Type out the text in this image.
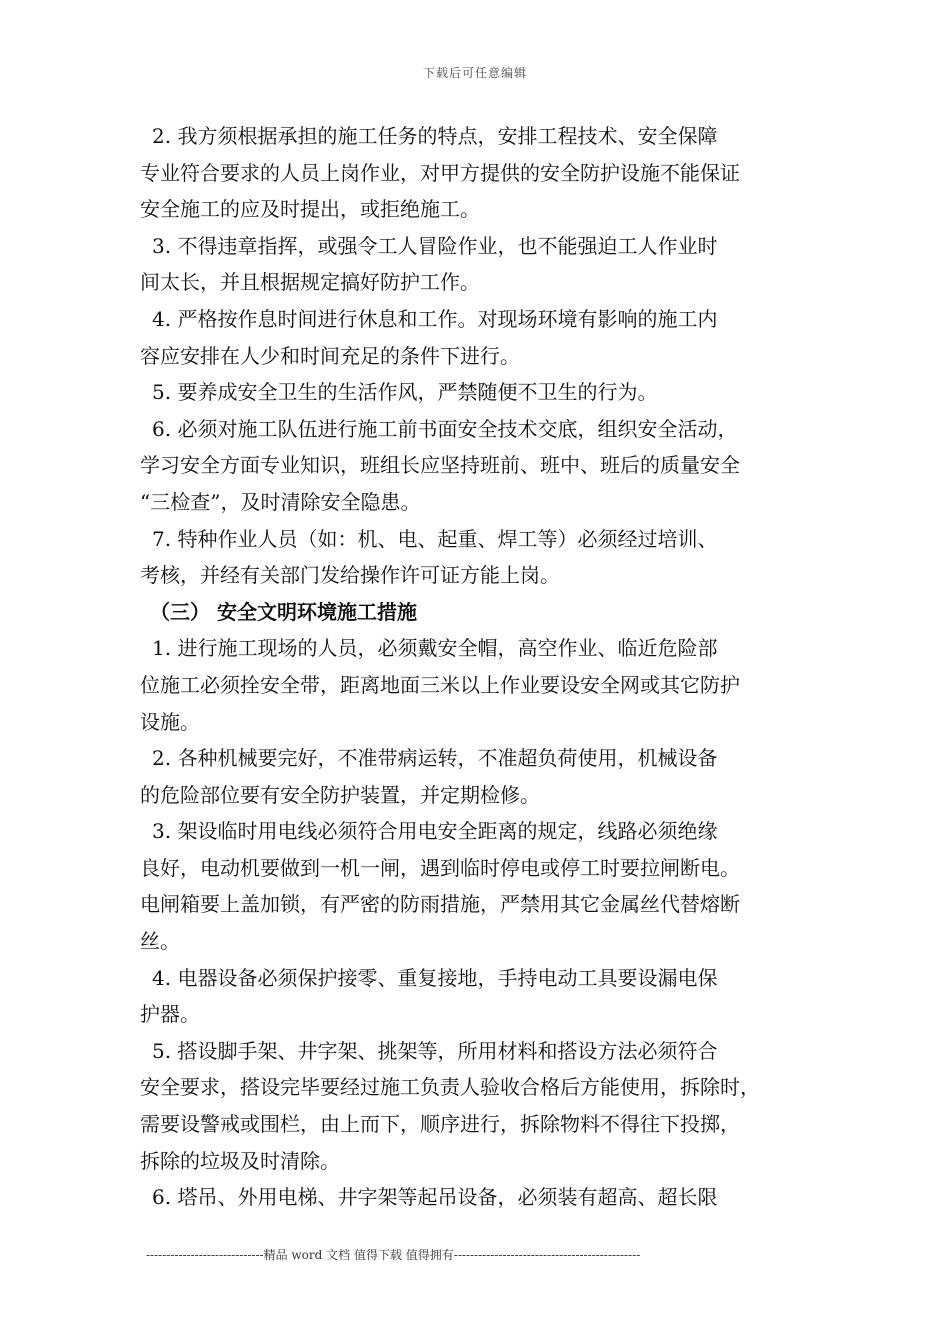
下载后可任意编辑
2. 我方须根据承担的施工任务的特点，安排工程技术、安全保障
专业符合要求的人员上岗作业，对甲方提供的安全防护设施不能保证
安全施工的应及时提出，或拒绝施工。
3. 不得违章指挥，或强令工人冒险作业，也不能强迫工人作业时
间太长，并且根据规定搞好防护工作。
4. 严格按作息时间进行休息和工作。对现场环境有影响的施工内
容应安排在人少和时间充足的条件下进行。
5. 要养成安全卫生的生活作风，严禁随便不卫生的行为。
6. 必须对施工队伍进行施工前书面安全技术交底，组织安全活动，
学习安全方面专业知识，班组长应坚持班前、班中、班后的质量安全
“三检查”，及时清除安全隐患。
7. 特种作业人员（如：机、电、起重、焊工等）必须经过培训、
考核，并经有关部门发给操作许可证方能上岗。
（三） 安全文明环境施工措施
1. 进行施工现场的人员，必须戴安全帽，高空作业、临近危险部
位施工必须拴安全带，距离地面三米以上作业要设安全网或其它防护
设施。
2. 各种机械要完好，不准带病运转，不准超负荷使用，机械设备
的危险部位要有安全防护装置，并定期检修。
3. 架设临时用电线必须符合用电安全距离的规定，线路必须绝缘
良好，电动机要做到一机一闸，遇到临时停电或停工时要拉闸断电。
电闸箱要上盖加锁，有严密的防雨措施，严禁用其它金属丝代替熔断
丝。
4. 电器设备必须保护接零、重复接地，手持电动工具要设漏电保
护器。
5. 搭设脚手架、井字架、挑架等，所用材料和搭设方法必须符合
安全要求，搭设完毕要经过施工负责人验收合格后方能使用，拆除时，
需要设警戒或围栏，由上而下，顺序进行，拆除物料不得往下投掷，
拆除的垃圾及时清除。
6. 塔吊、外用电梯、井字架等起吊设备，必须装有超高、超长限
-----------------------------精品 word 文档 值得下载 值得拥有----------------------------------------------
